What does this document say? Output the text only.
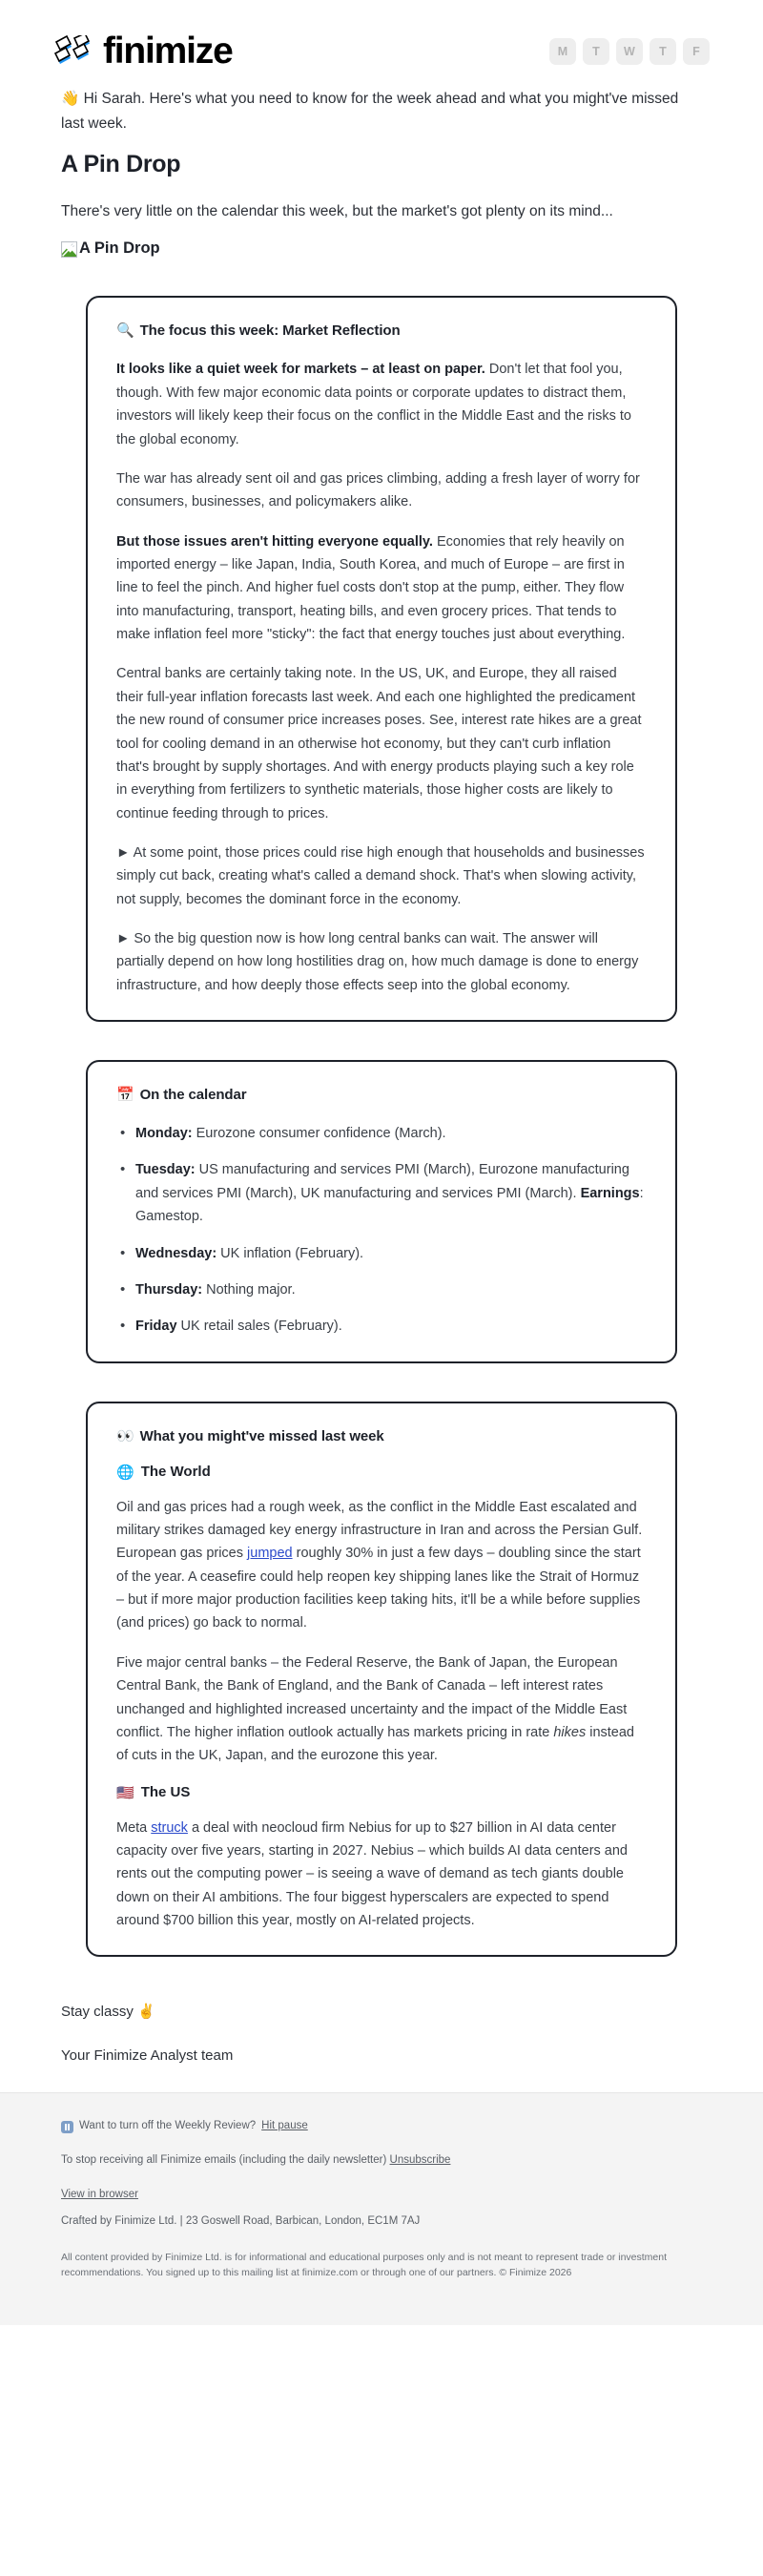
finimize	M	T	W	T	F

👋 Hi Sarah. Here's what you need to know for the week ahead and what you might've missed last week.

A Pin Drop

There's very little on the calendar this week, but the market's got plenty on its mind...

A Pin Drop
🔍 The focus this week: Market Reflection

It looks like a quiet week for markets – at least on paper. Don't let that fool you, though. With few major economic data points or corporate updates to distract them, investors will likely keep their focus on the conflict in the Middle East and the risks to the global economy.

The war has already sent oil and gas prices climbing, adding a fresh layer of worry for consumers, businesses, and policymakers alike.

But those issues aren't hitting everyone equally. Economies that rely heavily on imported energy – like Japan, India, South Korea, and much of Europe – are first in line to feel the pinch. And higher fuel costs don't stop at the pump, either. They flow into manufacturing, transport, heating bills, and even grocery prices. That tends to make inflation feel more "sticky": the fact that energy touches just about everything.

Central banks are certainly taking note. In the US, UK, and Europe, they all raised their full-year inflation forecasts last week. And each one highlighted the predicament the new round of consumer price increases poses. See, interest rate hikes are a great tool for cooling demand in an otherwise hot economy, but they can't curb inflation that's brought by supply shortages. And with energy products playing such a key role in everything from fertilizers to synthetic materials, those higher costs are likely to continue feeding through to prices.

► At some point, those prices could rise high enough that households and businesses simply cut back, creating what's called a demand shock. That's when slowing activity, not supply, becomes the dominant force in the economy.

► So the big question now is how long central banks can wait. The answer will partially depend on how long hostilities drag on, how much damage is done to energy infrastructure, and how deeply those effects seep into the global economy.

📅 On the calendar
• Monday: Eurozone consumer confidence (March).
• Tuesday: US manufacturing and services PMI (March), Eurozone manufacturing and services PMI (March), UK manufacturing and services PMI (March). Earnings: Gamestop.
• Wednesday: UK inflation (February).
• Thursday: Nothing major.
• Friday UK retail sales (February).
👀 What you might've missed last week
🌐 The World

Oil and gas prices had a rough week, as the conflict in the Middle East escalated and military strikes damaged key energy infrastructure in Iran and across the Persian Gulf. European gas prices jumped roughly 30% in just a few days – doubling since the start of the year. A ceasefire could help reopen key shipping lanes like the Strait of Hormuz – but if more major production facilities keep taking hits, it'll be a while before supplies (and prices) go back to normal.

Five major central banks – the Federal Reserve, the Bank of Japan, the European Central Bank, the Bank of England, and the Bank of Canada – left interest rates unchanged and highlighted increased uncertainty and the impact of the Middle East conflict. The higher inflation outlook actually has markets pricing in rate hikes instead of cuts in the UK, Japan, and the eurozone this year.

🇺🇸 The US

Meta struck a deal with neocloud firm Nebius for up to $27 billion in AI data center capacity over five years, starting in 2027. Nebius – which builds AI data centers and rents out the computing power – is seeing a wave of demand as tech giants double down on their AI ambitions. The four biggest hyperscalers are expected to spend around $700 billion this year, mostly on AI-related projects.

Stay classy ✌️

Your Finimize Analyst team

Want to turn off the Weekly Review? Hit pause

To stop receiving all Finimize emails (including the daily newsletter) Unsubscribe

View in browser

Crafted by Finimize Ltd. | 23 Goswell Road, Barbican, London, EC1M 7AJ

All content provided by Finimize Ltd. is for informational and educational purposes only and is not meant to represent trade or investment recommendations. You signed up to this mailing list at finimize.com or through one of our partners. © Finimize 2026
